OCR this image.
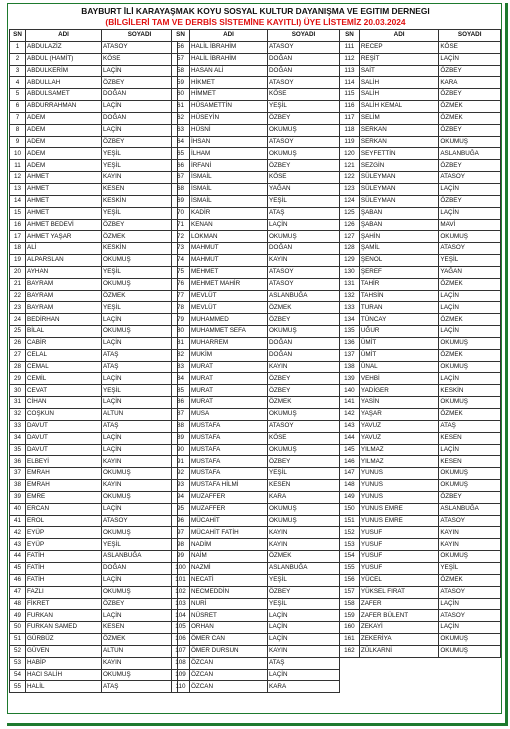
BAYBURT İLİ KARAYAŞMAK KOYU SOSYAL KULTUR DAYANIŞMA VE EGITIM DERNEGI
(BİLGİLERİ TAM VE DERBİS SİSTEMİNE KAYITLI) ÜYE LİSTEMİZ 20.03.2024
SN	ADI	SOYADI
1	ABDULAZİZ	ATASOY
2	ABDUL (HAMİT)	KÖSE
3	ABDULKERİM	LAÇİN
4	ABDULLAH	ÖZBEY
5	ABDULSAMET	DOĞAN
6	ABDURRAHMAN	LAÇİN
7	ADEM	DOĞAN
8	ADEM	LAÇİN
9	ADEM	ÖZBEY
10	ADEM	YEŞİL
11	ADEM	YEŞİL
12	AHMET	KAYIN
13	AHMET	KESEN
14	AHMET	KESKİN
15	AHMET	YEŞİL
16	AHMET BEDEVİ	ÖZBEY
17	AHMET YAŞAR	ÖZMEK
18	ALİ	KESKİN
19	ALPARSLAN	OKUMUŞ
20	AYHAN	YEŞİL
21	BAYRAM	OKUMUŞ
22	BAYRAM	ÖZMEK
23	BAYRAM	YEŞİL
24	BEDİRHAN	LAÇİN
25	BİLAL	OKUMUŞ
26	CABİR	LAÇİN
27	CELAL	ATAŞ
28	CEMAL	ATAŞ
29	CEMİL	LAÇİN
30	CEVAT	YEŞİL
31	CİHAN	LAÇİN
32	COŞKUN	ALTUN
33	DAVUT	ATAŞ
34	DAVUT	LAÇİN
35	DAVUT	LAÇİN
36	ELBEYİ	KAYIN
37	EMRAH	OKUMUŞ
38	EMRAH	KAYIN
39	EMRE	OKUMUŞ
40	ERCAN	LAÇİN
41	EROL	ATASOY
42	EYÜP	OKUMUŞ
43	EYÜP	YEŞİL
44	FATİH	ASLANBUĞA
45	FATİH	DOĞAN
46	FATİH	LAÇİN
47	FAZLI	OKUMUŞ
48	FİKRET	ÖZBEY
49	FURKAN	LAÇİN
50	FURKAN SAMED	KESEN
51	GÜRBÜZ	ÖZMEK
52	GÜVEN	ALTUN
53	HABİP	KAYIN
54	HACI SALİH	OKUMUŞ
55	HALİL	ATAŞ
SN	ADI	SOYADI
56	HALİL İBRAHİM	ATASOY
57	HALİL İBRAHİM	DOĞAN
58	HASAN ALİ	DOĞAN
59	HİKMET	ATASOY
60	HİMMET	KÖSE
61	HÜSAMETTİN	YEŞİL
62	HÜSEYİN	ÖZBEY
63	HÜSNİ	OKUMUŞ
64	İHSAN	ATASOY
65	İLHAM	OKUMUŞ
66	İRFANİ	ÖZBEY
67	İSMAİL	KÖSE
68	İSMAİL	YAĞAN
69	İSMAİL	YEŞİL
70	KADİR	ATAŞ
71	KENAN	LAÇİN
72	LOKMAN	OKUMUŞ
73	MAHMUT	DOĞAN
74	MAHMUT	KAYIN
75	MEHMET	ATASOY
76	MEHMET MAHİR	ATASOY
77	MEVLÜT	ASLANBUĞA
78	MEVLÜT	ÖZMEK
79	MUHAMMED	ÖZBEY
80	MUHAMMET SEFA	OKUMUŞ
81	MUHARREM	DOĞAN
82	MUKİM	DOĞAN
83	MURAT	KAYIN
84	MURAT	ÖZBEY
85	MURAT	ÖZBEY
86	MURAT	ÖZMEK
87	MUSA	OKUMUŞ
88	MUSTAFA	ATASOY
89	MUSTAFA	KÖSE
90	MUSTAFA	OKUMUŞ
91	MUSTAFA	ÖZBEY
92	MUSTAFA	YEŞİL
93	MUSTAFA HİLMİ	KESEN
94	MUZAFFER	KARA
95	MUZAFFER	OKUMUŞ
96	MÜCAHİT	OKUMUŞ
97	MÜCAHİT FATİH	KAYIN
98	NADİM	KAYIN
99	NAİM	ÖZMEK
100	NAZMİ	ASLANBUĞA
101	NECATİ	YEŞİL
102	NECMEDDİN	ÖZBEY
103	NURİ	YEŞİL
104	NÜSRET	LAÇİN
105	ORHAN	LAÇİN
106	ÖMER CAN	LAÇİN
107	ÖMER DURSUN	KAYIN
108	ÖZCAN	ATAŞ
109	ÖZCAN	LAÇİN
110	ÖZCAN	KARA
SN	ADI	SOYADI
111	RECEP	KÖSE
112	REŞİT	LAÇİN
113	SAİT	ÖZBEY
114	SALİH	KARA
115	SALİH	ÖZBEY
116	SALİH KEMAL	ÖZMEK
117	SELİM	ÖZMEK
118	SERKAN	ÖZBEY
119	SERKAN	OKUMUŞ
120	SEYFETTİN	ASLANBUĞA
121	SEZGİN	ÖZBEY
122	SÜLEYMAN	ATASOY
123	SÜLEYMAN	LAÇİN
124	SÜLEYMAN	ÖZBEY
125	ŞABAN	LAÇİN
126	ŞABAN	MAVİ
127	ŞAHİN	OKUMUŞ
128	ŞAMİL	ATASOY
129	ŞENOL	YEŞİL
130	ŞEREF	YAĞAN
131	TAHİR	ÖZMEK
132	TAHSİN	LAÇİN
133	TURAN	LAÇİN
134	TÜNCAY	ÖZMEK
135	UĞUR	LAÇİN
136	ÜMİT	OKUMUŞ
137	ÜMİT	ÖZMEK
138	ÜNAL	OKUMUŞ
139	VEHBİ	LAÇİN
140	YADİGER	KESKİN
141	YASİN	OKUMUŞ
142	YAŞAR	ÖZMEK
143	YAVUZ	ATAŞ
144	YAVUZ	KESEN
145	YILMAZ	LAÇİN
146	YILMAZ	KESEN
147	YUNUS	OKUMUŞ
148	YUNUS	OKUMUŞ
149	YUNUS	ÖZBEY
150	YUNUS EMRE	ASLANBUĞA
151	YUNUS EMRE	ATASOY
152	YUSUF	KAYIN
153	YUSUF	KAYIN
154	YUSUF	OKUMUŞ
155	YUSUF	YEŞİL
156	YÜCEL	ÖZMEK
157	YÜKSEL FIRAT	ATASOY
158	ZAFER	LAÇİN
159	ZAFER BÜLENT	ATASOY
160	ZEKAYİ	LAÇİN
161	ZEKERİYA	OKUMUŞ
162	ZÜLKARNİ	OKUMUŞ
